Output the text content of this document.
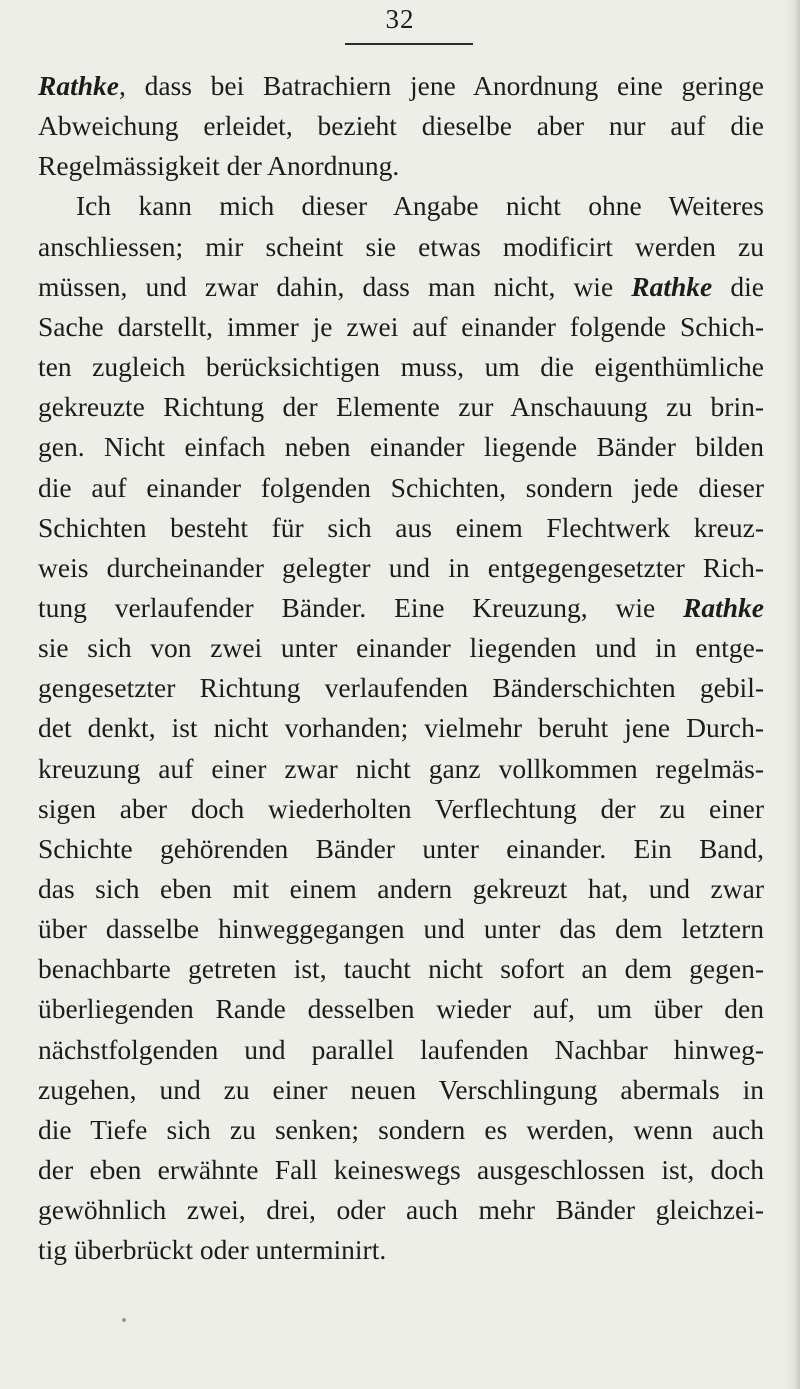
32
Rathke, dass bei Batrachiern jene Anordnung eine geringe
Abweichung erleidet, bezieht dieselbe aber nur auf die
Regelmässigkeit der Anordnung.
Ich kann mich dieser Angabe nicht ohne Weiteres
anschliessen; mir scheint sie etwas modificirt werden zu
müssen, und zwar dahin, dass man nicht, wie Rathke die
Sache darstellt, immer je zwei auf einander folgende Schich-
ten zugleich berücksichtigen muss, um die eigenthümliche
gekreuzte Richtung der Elemente zur Anschauung zu brin-
gen. Nicht einfach neben einander liegende Bänder bilden
die auf einander folgenden Schichten, sondern jede dieser
Schichten besteht für sich aus einem Flechtwerk kreuz-
weis durcheinander gelegter und in entgegengesetzter Rich-
tung verlaufender Bänder. Eine Kreuzung, wie Rathke
sie sich von zwei unter einander liegenden und in entge-
gengesetzter Richtung verlaufenden Bänderschichten gebil-
det denkt, ist nicht vorhanden; vielmehr beruht jene Durch-
kreuzung auf einer zwar nicht ganz vollkommen regelmäs-
sigen aber doch wiederholten Verflechtung der zu einer
Schichte gehörenden Bänder unter einander. Ein Band,
das sich eben mit einem andern gekreuzt hat, und zwar
über dasselbe hinweggegangen und unter das dem letztern
benachbarte getreten ist, taucht nicht sofort an dem gegen-
überliegenden Rande desselben wieder auf, um über den
nächstfolgenden und parallel laufenden Nachbar hinweg-
zugehen, und zu einer neuen Verschlingung abermals in
die Tiefe sich zu senken; sondern es werden, wenn auch
der eben erwähnte Fall keineswegs ausgeschlossen ist, doch
gewöhnlich zwei, drei, oder auch mehr Bänder gleichzei-
tig überbrückt oder unterminirt.
